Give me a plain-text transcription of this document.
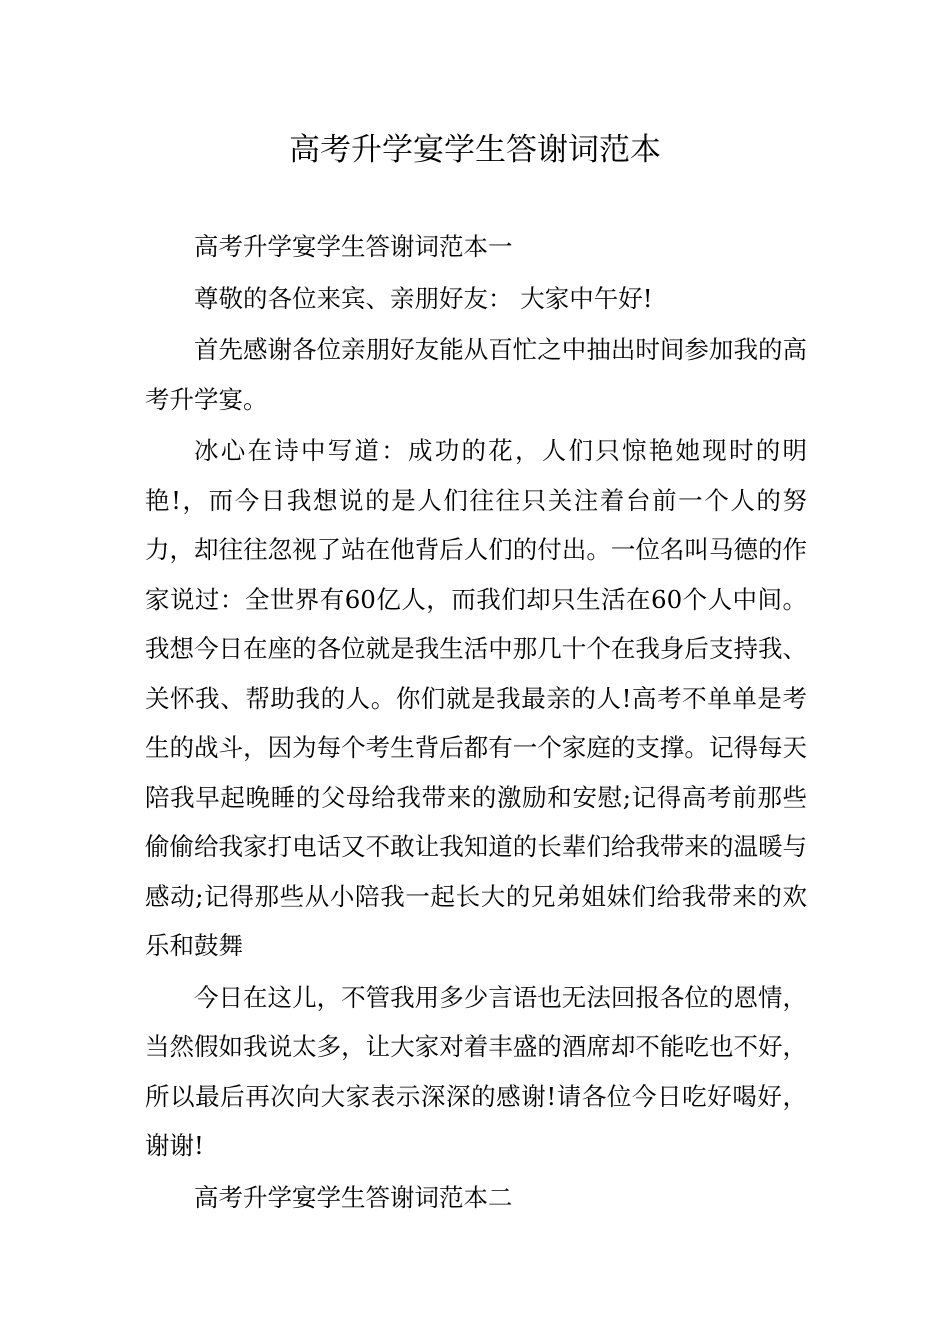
高考升学宴学生答谢词范本

高考升学宴学生答谢词范本一

尊敬的各位来宾、亲朋好友： 大家中午好!

首先感谢各位亲朋好友能从百忙之中抽出时间参加我的高考升学宴。

冰心在诗中写道：成功的花，人们只惊艳她现时的明艳!，而今日我想说的是人们往往只关注着台前一个人的努力，却往往忽视了站在他背后人们的付出。一位名叫马德的作家说过：全世界有60亿人，而我们却只生活在60个人中间。我想今日在座的各位就是我生活中那几十个在我身后支持我、关怀我、帮助我的人。你们就是我最亲的人!高考不单单是考生的战斗，因为每个考生背后都有一个家庭的支撑。记得每天陪我早起晚睡的父母给我带来的激励和安慰;记得高考前那些偷偷给我家打电话又不敢让我知道的长辈们给我带来的温暖与感动;记得那些从小陪我一起长大的兄弟姐妹们给我带来的欢乐和鼓舞

今日在这儿，不管我用多少言语也无法回报各位的恩情，当然假如我说太多，让大家对着丰盛的酒席却不能吃也不好，所以最后再次向大家表示深深的感谢!请各位今日吃好喝好，谢谢!

高考升学宴学生答谢词范本二
